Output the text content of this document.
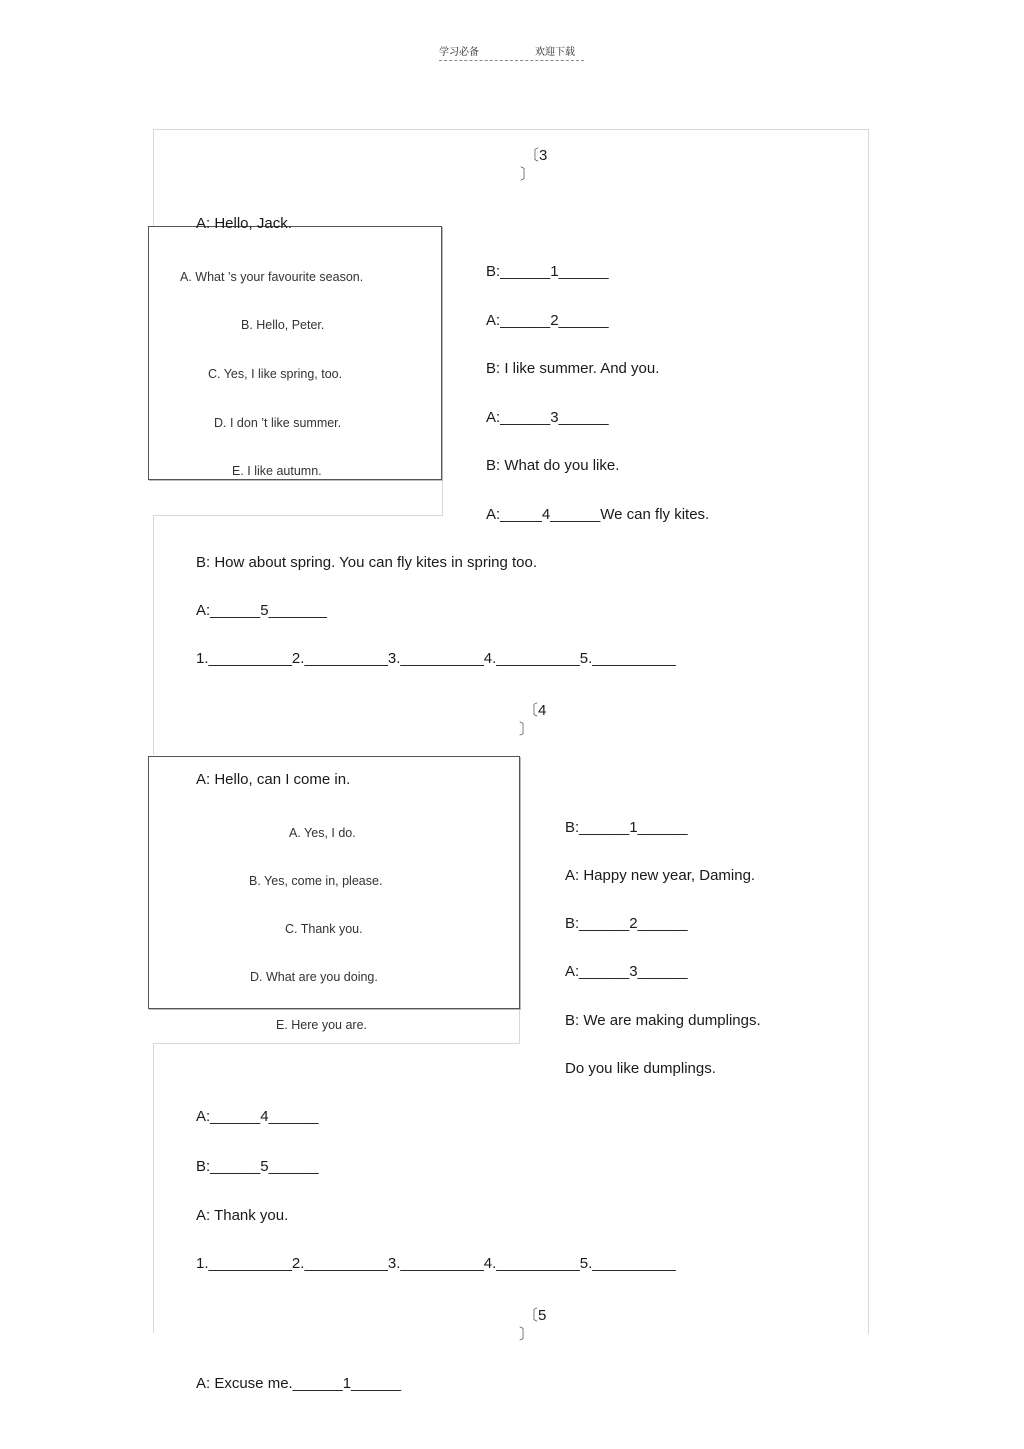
学习必备	欢迎下载
〔3
〕
A. What ’s your favourite season.
B. Hello, Peter.
C. Yes, I like spring, too.
D. I don ’t like summer.
E. I like autumn.
A: Hello, Jack.
B:______1______
A:______2______
B: I like summer. And you.
A:______3______
B: What do you like.
A:_____4______We can fly kites.
B: How about spring. You can fly kites in spring too.
A:______5_______
1.__________2.__________3.__________4.__________5.__________
〔4
〕
A. Yes, I do.
B. Yes, come in, please.
C. Thank you.
D. What are you doing.
E. Here you are.
A: Hello, can I come in.
B:______1______
A: Happy new year, Daming.
B:______2______
A:______3______
B: We are making dumplings.
Do you like dumplings.
A:______4______
B:______5______
A: Thank you.
1.__________2.__________3.__________4.__________5.__________
〔5
〕
A: Excuse me.______1______
